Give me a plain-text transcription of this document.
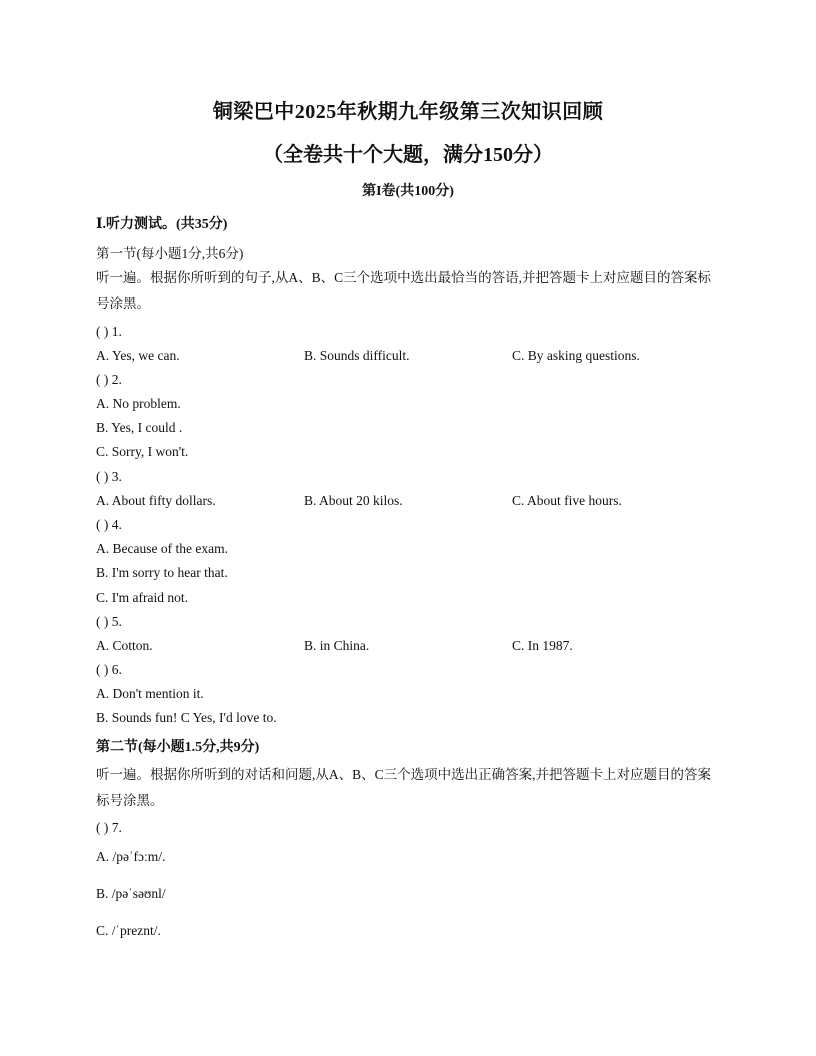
铜梁巴中2025年秋期九年级第三次知识回顾
（全卷共十个大题，满分150分）
第I卷(共100分)
Ⅰ.听力测试。(共35分)
第一节(每小题1分,共6分)
听一遍。根据你所听到的句子,从A、B、C三个选项中选出最恰当的答语,并把答题卡上对应题目的答案标号涂黑。
( ) 1.
A. Yes, we can.	B. Sounds difficult.	C. By asking questions.
( ) 2.
A. No problem.
B. Yes, I could .
C. Sorry, I won't.
( ) 3.
A. About fifty dollars.	B. About 20 kilos.	C. About five hours.
( ) 4.
A. Because of the exam.
B. I'm sorry to hear that.
C. I'm afraid not.
( ) 5.
A. Cotton.	B. in China.	C. In 1987.
( ) 6.
A. Don't mention it.
B. Sounds fun! C Yes, I'd love to.
第二节(每小题1.5分,共9分)
听一遍。根据你所听到的对话和问题,从A、B、C三个选项中选出正确答案,并把答题卡上对应题目的答案标号涂黑。
( ) 7.
A. /pəˈfɔːm/.
B. /pəˈsəʊnl/
C. /ˈpreznt/.
